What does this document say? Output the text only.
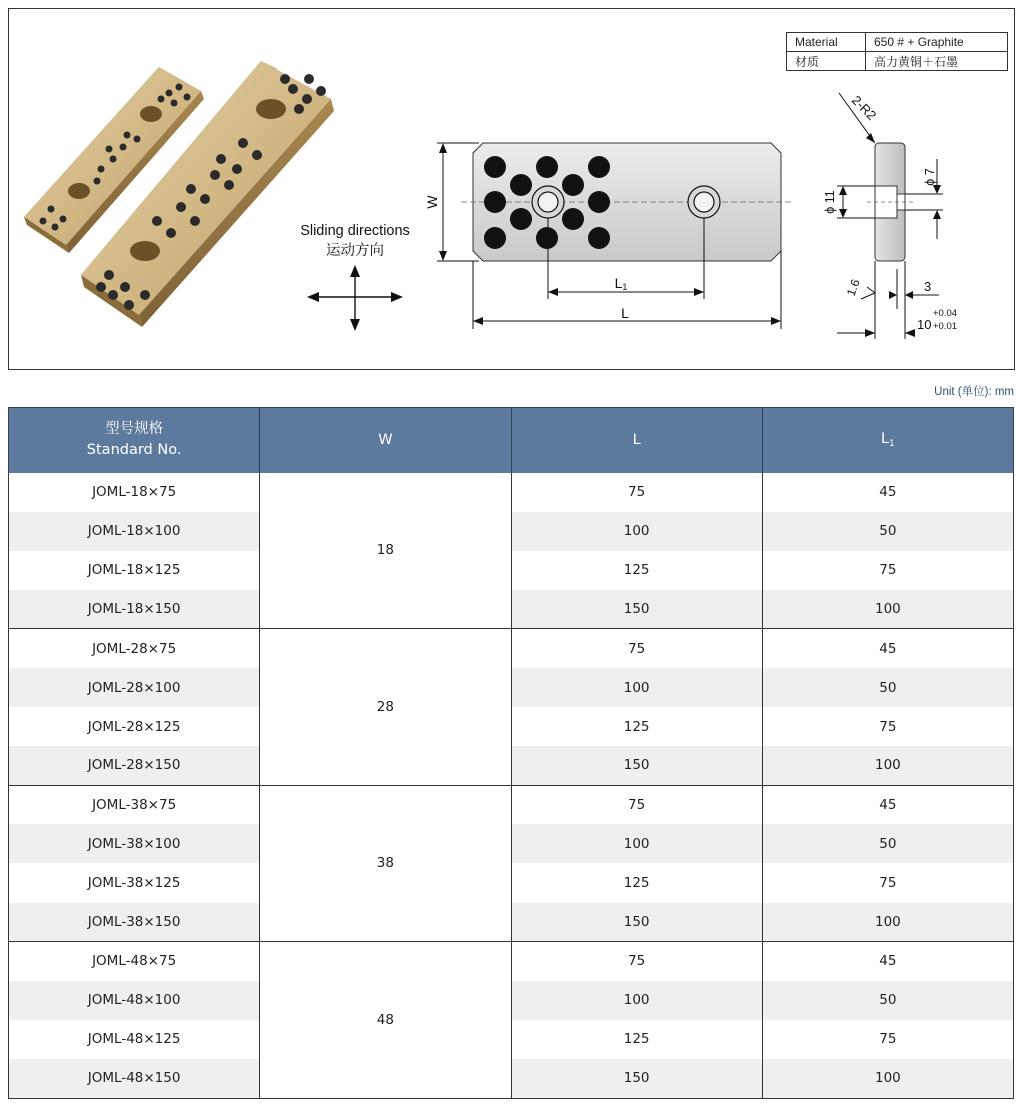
Sliding directions
运动方向
W
L
L1
2-R2
ϕ 7
ϕ 11
1.6	3
10
+0.04
+0.01
Material	650 # + Graphite
材质	高力黄铜＋石墨
Unit (单位): mm
型号规格
Standard No.	W	L	$L_1$
JOML-18×75	18	75	45
JOML-18×100		100	50
JOML-18×125		125	75
JOML-18×150		150	100
JOML-28×75	28	75	45
JOML-28×100		100	50
JOML-28×125		125	75
JOML-28×150		150	100
JOML-38×75	38	75	45
JOML-38×100		100	50
JOML-38×125		125	75
JOML-38×150		150	100
JOML-48×75	48	75	45
JOML-48×100		100	50
JOML-48×125		125	75
JOML-48×150		150	100
